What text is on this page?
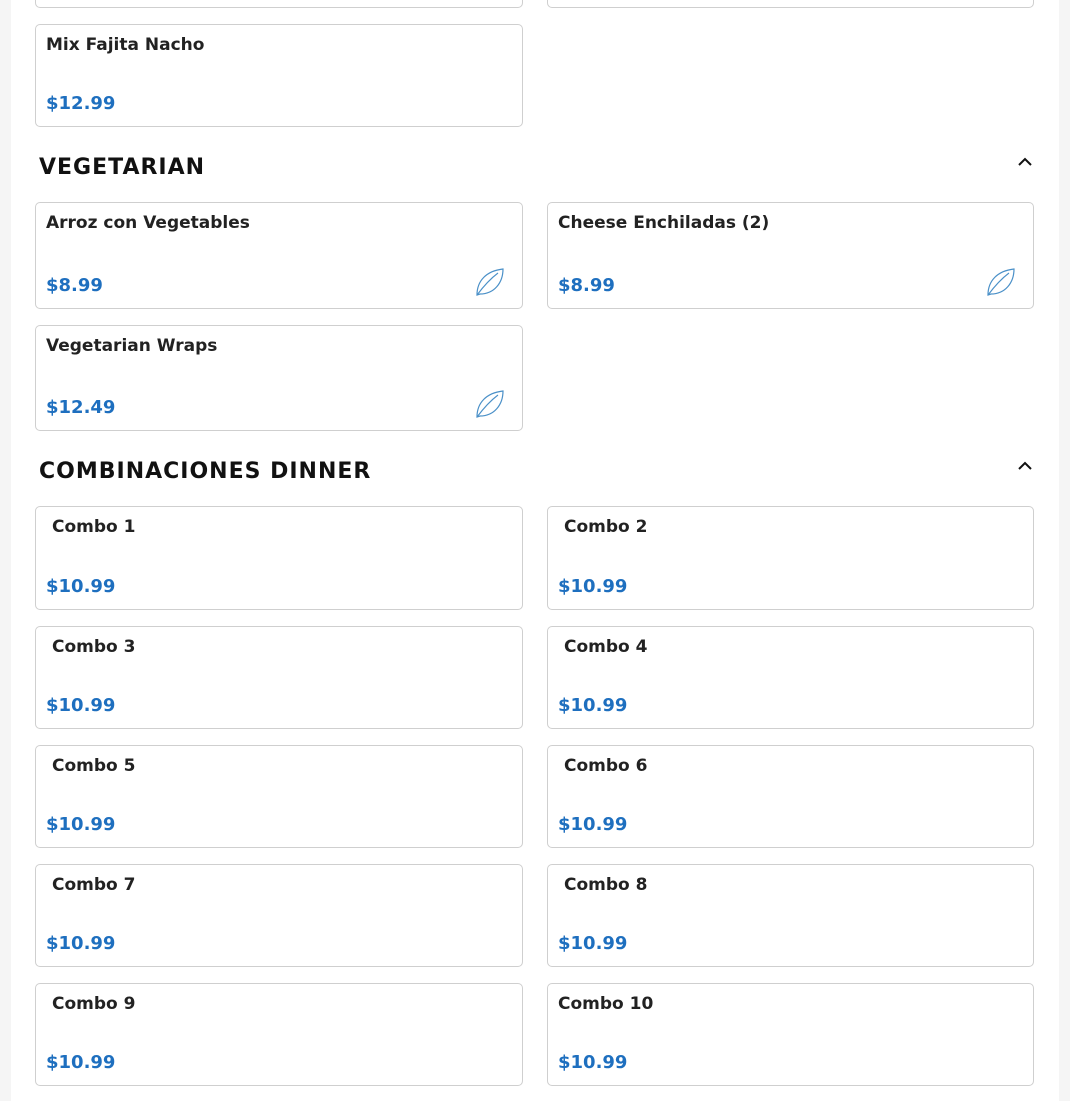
Mix Fajita Nacho
$12.99
VEGETARIAN
Arroz con Vegetables
$8.99
Cheese Enchiladas (2)
$8.99
Vegetarian Wraps
$12.49
COMBINACIONES DINNER
Combo 1
$10.99
Combo 2
$10.99
Combo 3
$10.99
Combo 4
$10.99
Combo 5
$10.99
Combo 6
$10.99
Combo 7
$10.99
Combo 8
$10.99
Combo 9
$10.99
Combo 10
$10.99
